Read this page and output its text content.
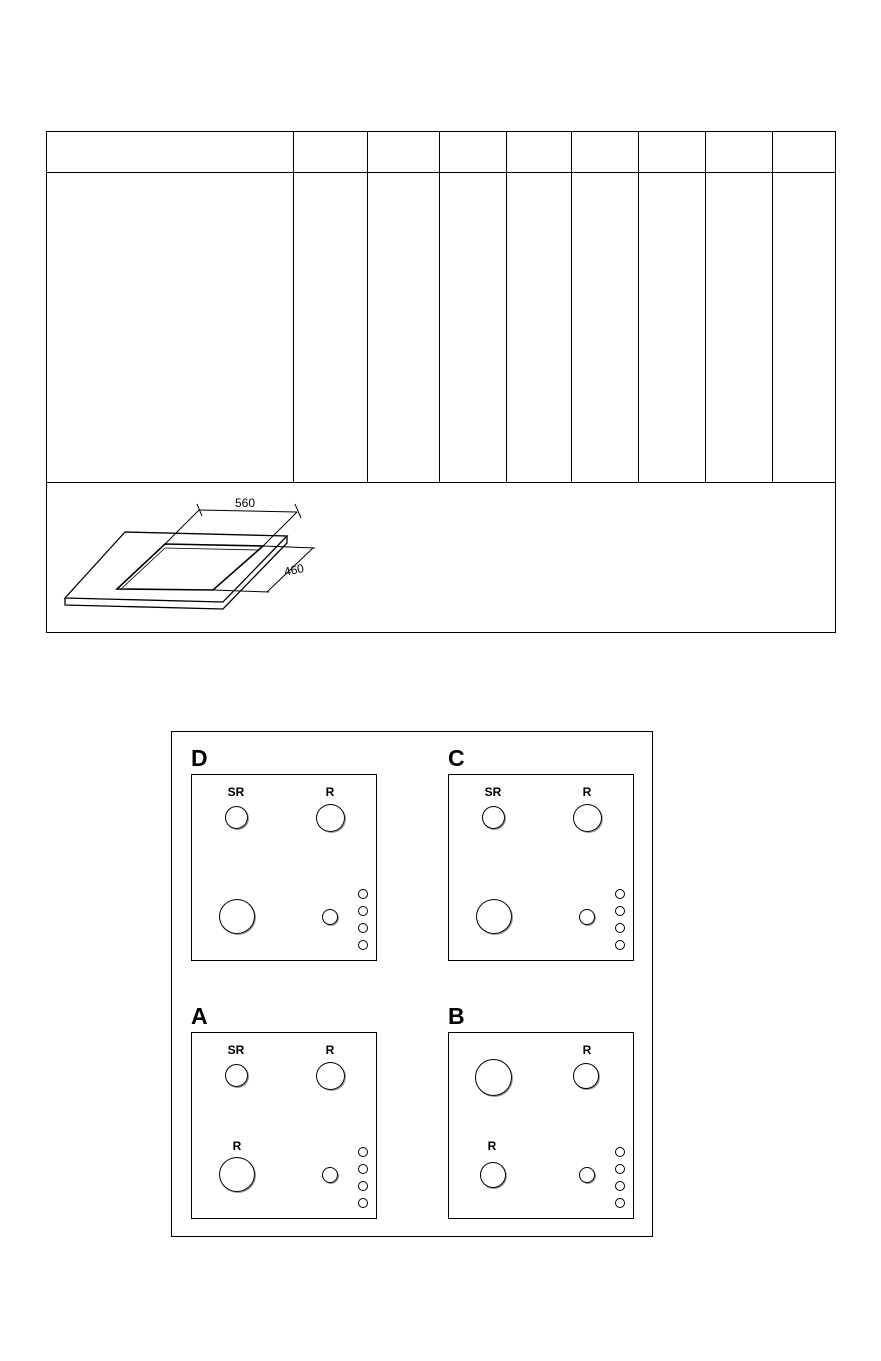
560
460
D
SR	R
C
SR	R
A
SR	R
R
B
R
R
